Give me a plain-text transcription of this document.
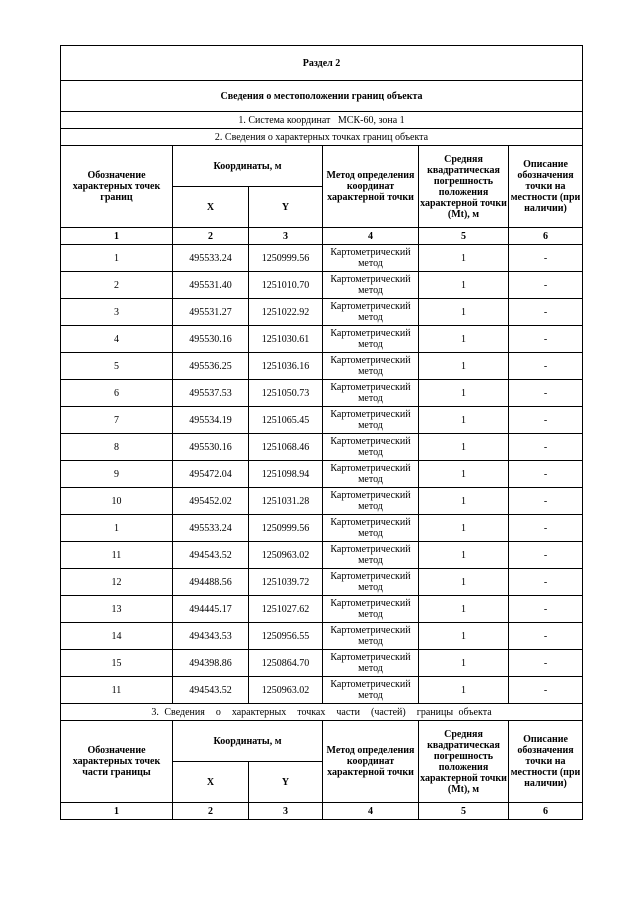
Раздел 2					
Сведения о местоположении границ объекта					
1. Система координат   МСК-60, зона 1					
2. Сведения о характерных точках границ объекта					
Обозначение характерных точек границ	Координаты, м		Метод определения координат характерной точки	Средняя квадратическая погрешность положения характерной точки (Mt), м	Описание обозначения точки на местности (при наличии)
	X	Y			
1	2	3	4	5	6
1	495533.24	1250999.56	Картометрический метод	1	-
2	495531.40	1251010.70	Картометрический метод	1	-
3	495531.27	1251022.92	Картометрический метод	1	-
4	495530.16	1251030.61	Картометрический метод	1	-
5	495536.25	1251036.16	Картометрический метод	1	-
6	495537.53	1251050.73	Картометрический метод	1	-
7	495534.19	1251065.45	Картометрический метод	1	-
8	495530.16	1251068.46	Картометрический метод	1	-
9	495472.04	1251098.94	Картометрический метод	1	-
10	495452.02	1251031.28	Картометрический метод	1	-
1	495533.24	1250999.56	Картометрический метод	1	-
11	494543.52	1250963.02	Картометрический метод	1	-
12	494488.56	1251039.72	Картометрический метод	1	-
13	494445.17	1251027.62	Картометрический метод	1	-
14	494343.53	1250956.55	Картометрический метод	1	-
15	494398.86	1250864.70	Картометрический метод	1	-
11	494543.52	1250963.02	Картометрический метод	1	-
3. Сведения  о  характерных  точках  части  (частей)  границы объекта					
Обозначение характерных точек части границы	Координаты, м		Метод определения координат характерной точки	Средняя квадратическая погрешность положения характерной точки (Mt), м	Описание обозначения точки на местности (при наличии)
	X	Y			
1	2	3	4	5	6
